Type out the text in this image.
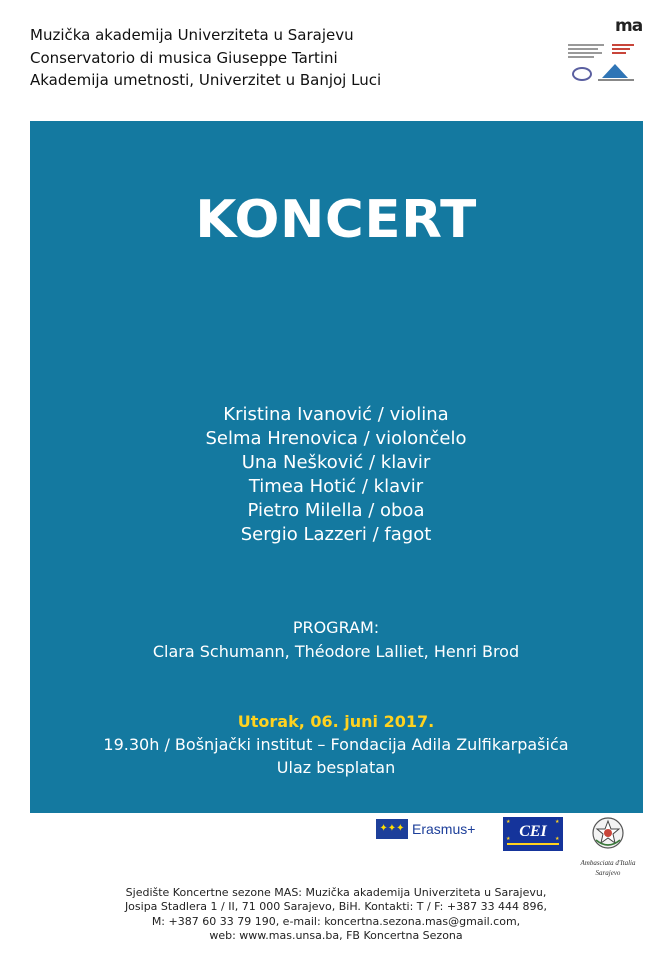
Muzička akademija Univerziteta u Sarajevu
Conservatorio di musica Giuseppe Tartini
Akademija umetnosti, Univerzitet u Banjoj Luci
ma
KONCERT
Kristina Ivanović / violina
Selma Hrenovica / violončelo
Una Nešković / klavir
Timea Hotić / klavir
Pietro Milella / oboa
Sergio Lazzeri / fagot
PROGRAM:
Clara Schumann, Théodore Lalliet, Henri Brod
Utorak, 06. juni 2017.
19.30h / Bošnjački institut – Fondacija Adila Zulfikarpašića
Ulaz besplatan
✦✦✦ Erasmus+	★	★
★	★
CEI
Ambasciata d'Italia Sarajevo
Sjedište Koncertne sezone MAS: Muzička akademija Univerziteta u Sarajevu,
Josipa Stadlera 1 / II, 71 000 Sarajevo, BiH. Kontakti: T / F: +387 33 444 896,
M: +387 60 33 79 190, e-mail: koncertna.sezona.mas@gmail.com,
web: www.mas.unsa.ba, FB Koncertna Sezona
